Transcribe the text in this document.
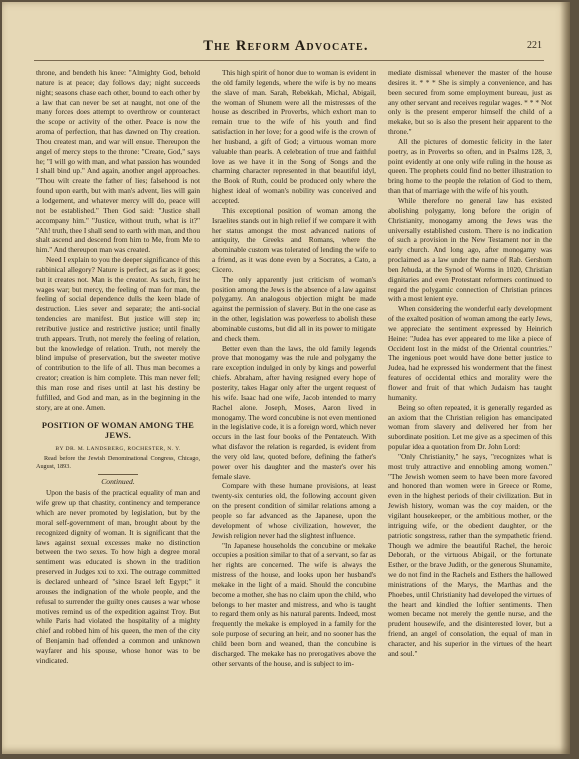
The Reform Advocate.	221

throne, and bendeth his knee: "Almighty God, behold nature is at peace; day follows day; night succeeds night; seasons chase each other, bound to each other by a law that can never be set at naught, not one of the many forces does attempt to overthrow or counteract the scope or activity of the other. Peace is now the aroma of perfection, that has dawned on Thy creation. Thou createst man, and war will ensue. Thereupon the angel of mercy steps to the throne: "Create, God," says he; "I will go with man, and what passion has wounded I shall bind up." And again, another angel approaches. "Thou wilt create the father of lies; falsehood is not found upon earth, but with man's advent, lies will gain a lodgement, and whatever mercy will do, peace will not be established." Then God said: "Justice shall accompany him." "Justice, without truth, what is it?" "Ah! truth, thee I shall send to earth with man, and thou shalt ascend and descend from him to Me, from Me to him." And thereupon man was created.

Need I explain to you the deeper significance of this rabbinical allegory? Nature is perfect, as far as it goes; but it creates not. Man is the creator. As such, first he wages war; but mercy, the feeling of man for man, the feeling of social dependence dulls the keen blade of destruction. Lies sever and separate; the anti-social tendencies are manifest. But justice will step in; retributive justice and restrictive justice; until finally truth appears. Truth, not merely the feeling of relation, but the knowledge of relation. Truth, not merely the blind impulse of preservation, but the sweeter motive of contribution to the life of all. Thus man becomes a creator; creation is him complete. This man never fell; this man rose and rises until at last his destiny be fulfilled, and God and man, as in the beginning in the story, are at one. Amen.

POSITION OF WOMAN AMONG THE
JEWS.
BY DR. M. LANDSBERG, ROCHESTER, N. Y.
Read before the Jewish Denominational Congress, Chicago, August, 1893.
Continued.

Upon the basis of the practical equality of man and wife grew up that chastity, continency and temperance which are never promoted by legislation, but by the moral self-government of man, brought about by the recognized dignity of woman. It is significant that the laws against sexual excesses make no distinction between the two sexes. To how high a degree moral sentiment was educated is shown in the tradition preserved in Judges xxi to xxi. The outrage committed is declared unheard of "since Israel left Egypt;" it arouses the indignation of the whole people, and the refusal to surrender the guilty ones causes a war whose motives remind us of the expedition against Troy. But while Paris had violated the hospitality of a mighty chief and robbed him of his queen, the men of the city of Benjamin had offended a common and unknown wayfarer and his spouse, whose honor was to be vindicated.

This high spirit of honor due to woman is evident in the old family legends, where the wife is by no means the slave of man. Sarah, Rebekkah, Michal, Abigail, the woman of Shunem were all the mistresses of the house as described in Proverbs, which exhort man to remain true to the wife of his youth and find satisfaction in her love; for a good wife is the crown of her husband, a gift of God; a virtuous woman more valuable than pearls. A celebration of true and faithful love as we have it in the Song of Songs and the charming character represented in that beautiful idyl, the Book of Ruth, could be produced only where the highest ideal of woman's nobility was conceived and accepted.

This exceptional position of woman among the Israelites stands out in high relief if we compare it with her status amongst the most advanced nations of antiquity, the Greeks and Romans, where the abominable custom was tolerated of lending the wife to a friend, as it was done even by a Socrates, a Cato, a Cicero.

The only apparently just criticism of woman's position among the Jews is the absence of a law against polygamy. An analogous objection might be made against the permission of slavery. But in the one case as in the other, legislation was powerless to abolish these abominable customs, but did all in its power to mitigate and check them.

Better even than the laws, the old family legends prove that monogamy was the rule and polygamy the rare exception indulged in only by kings and powerful chiefs. Abraham, after having resigned every hope of posterity, takes Hagar only after the urgent request of his wife. Isaac had one wife, Jacob intended to marry Rachel alone. Joseph, Moses, Aaron lived in monogamy. The word concubine is not even mentioned in the legislative code, it is a foreign word, which never occurs in the last four books of the Pentateuch. With what disfavor the relation is regarded, is evident from the very old law, quoted before, defining the father's power over his daughter and the master's over his female slave.

Compare with these humane provisions, at least twenty-six centuries old, the following account given on the present condition of similar relations among a people so far advanced as the Japanese, upon the development of whose civilization, however, the Jewish religion never had the slightest influence.

"In Japanese households the concubine or mekake occupies a position similar to that of a servant, so far as her rights are concerned. The wife is always the mistress of the house, and looks upon her husband's mekake in the light of a maid. Should the concubine become a mother, she has no claim upon the child, who belongs to her master and mistress, and who is taught to regard them only as his natural parents. Indeed, most frequently the mekake is employed in a family for the sole purpose of securing an heir, and no sooner has the child been born and weaned, than the concubine is discharged. The mekake has no prerogatives above the other servants of the house, and is subject to im-

mediate dismissal whenever the master of the house desires it. * * * She is simply a convenience, and has been secured from some employment bureau, just as any other servant and receives regular wages. * * * Not only is the present emperor himself the child of a mekake, but so is also the present heir apparent to the throne."

All the pictures of domestic felicity in the later poetry, as in Proverbs so often, and in Psalms 128, 3, point evidently at one only wife ruling in the house as queen. The prophets could find no better illustration to bring home to the people the relation of God to them, than that of marriage with the wife of his youth.

While therefore no general law has existed abolishing polygamy, long before the origin of Christianity, monogamy among the Jews was the universally established custom. There is no indication of such a provision in the New Testament nor in the early church. And long ago, after monogamy was proclaimed as a law under the name of Rab. Gershom ben Jehuda, at the Synod of Worms in 1020, Christian dignitaries and even Protestant reformers continued to regard the polygamic connection of Christian princes with a most lenient eye.

When considering the wonderful early development of the exalted position of woman among the early Jews, we appreciate the sentiment expressed by Heinrich Heine: "Judea has ever appeared to me like a piece of Occident lost in the midst of the Oriental countries." The ingenious poet would have done better justice to Judea, had he expressed his wonderment that the finest features of occidental ethics and morality were the flower and fruit of that which Judaism has taught humanity.

Being so often repeated, it is generally regarded as an axiom that the Christian religion has emancipated woman from slavery and delivered her from her subordinate position. Let me give as a specimen of this popular idea a quotation from Dr. John Lord:

"Only Christianity," he says, "recognizes what is most truly attractive and ennobling among women." "The Jewish women seem to have been more favored and honored than women were in Greece or Rome, even in the highest periods of their civilization. But in Jewish history, woman was the coy maiden, or the vigilant housekeeper, or the ambitious mother, or the intriguing wife, or the obedient daughter, or the patriotic songstress, rather than the sympathetic friend. Though we admire the beautiful Rachel, the heroic Deborah, or the virtuous Abigail, or the fortunate Esther, or the brave Judith, or the generous Shunamite, we do not find in the Rachels and Esthers the hallowed ministrations of the Marys, the Marthas and the Phoebes, until Christianity had developed the virtues of the heart and kindled the loftier sentiments. Then women became not merely the gentle nurse, and the prudent housewife, and the disinterested lover, but a friend, an angel of consolation, the equal of man in character, and his superior in the virtues of the heart and soul."
